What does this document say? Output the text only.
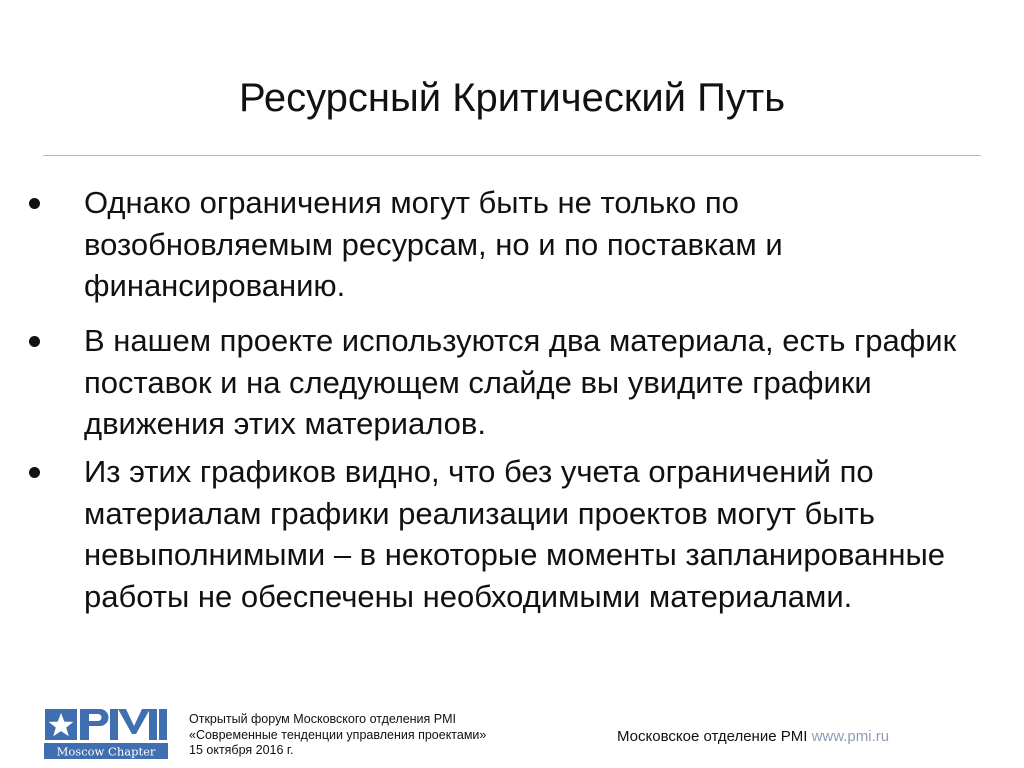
Ресурсный Критический Путь
Однако ограничения могут быть не только по возобновляемым ресурсам, но и по поставкам и финансированию.
В нашем проекте используются два материала, есть график поставок и на следующем слайде вы увидите графики движения этих материалов.
Из этих графиков видно, что без учета ограничений по материалам графики реализации проектов могут быть невыполнимыми – в некоторые моменты запланированные работы не обеспечены необходимыми материалами.
Moscow Chapter
Открытый форум Московского отделения PMI
«Современные тенденции управления проектами»
15 октября 2016 г.
Московское отделение PMI www.pmi.ru
